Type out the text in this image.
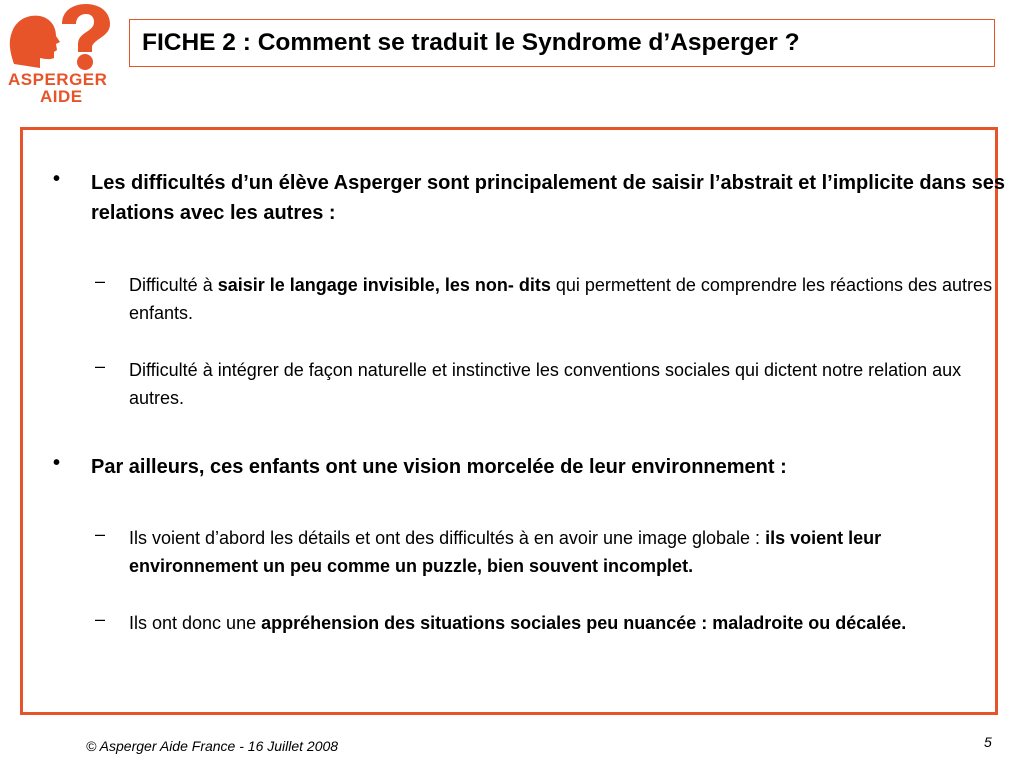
ASPERGER
AIDE
FICHE 2 : Comment se traduit le Syndrome d’Asperger ?
• Les difficultés d’un élève Asperger sont principalement de saisir l’abstrait et l’implicite dans ses relations avec les autres :
– Difficulté à saisir le langage invisible, les non- dits qui permettent de comprendre les réactions des autres enfants.
– Difficulté à intégrer de façon naturelle et instinctive les conventions sociales qui dictent notre relation aux autres.
• Par ailleurs, ces enfants ont une vision morcelée de leur environnement :
– Ils voient d’abord les détails et ont des difficultés à en avoir une image globale : ils voient leur environnement un peu comme un puzzle, bien souvent incomplet.
– Ils ont donc une appréhension des situations sociales peu nuancée : maladroite ou décalée.
© Asperger Aide France - 16 Juillet 2008	5
